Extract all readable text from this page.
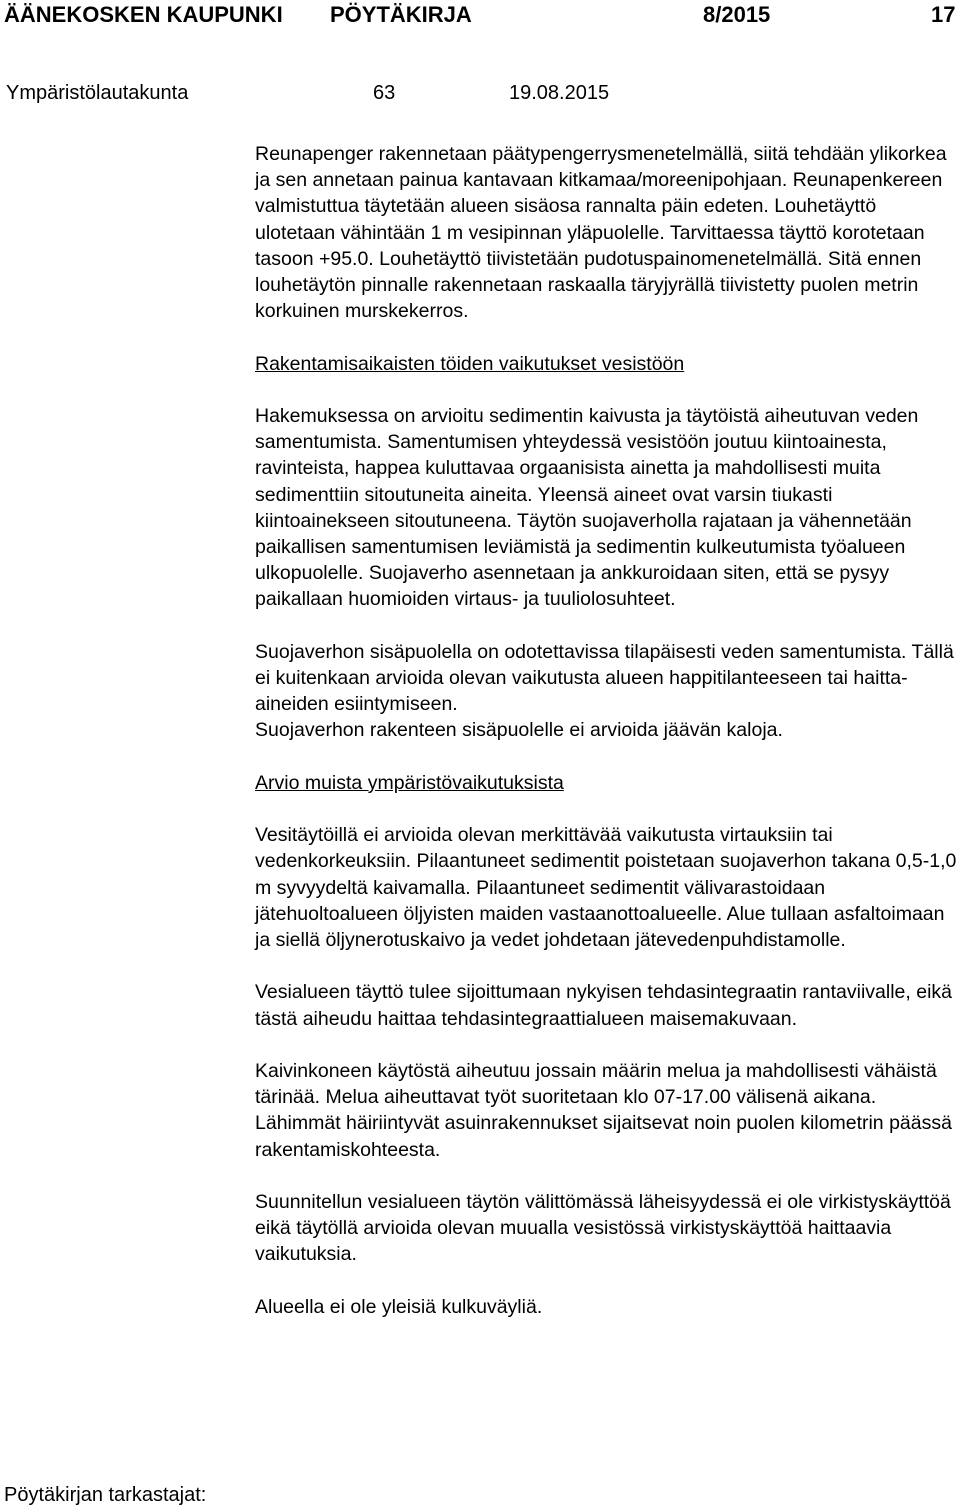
ÄÄNEKOSKEN KAUPUNKI PÖYTÄKIRJA	8/2015	17
Ympäristölautakunta	63	19.08.2015

Reunapenger rakennetaan päätypengerrysmenetelmällä, siitä tehdään ylikorkea ja sen annetaan painua kantavaan kitkamaa/moreenipohjaan. Reunapenkereen valmistuttua täytetään alueen sisäosa rannalta päin edeten. Louhetäyttö ulotetaan vähintään 1 m vesipinnan yläpuolelle. Tarvittaessa täyttö korotetaan tasoon +95.0. Louhetäyttö tiivistetään pudotuspainomenetelmällä. Sitä ennen louhetäytön pinnalle rakennetaan raskaalla täryjyrällä tiivistetty puolen metrin korkuinen murskekerros.

Rakentamisaikaisten töiden vaikutukset vesistöön

Hakemuksessa on arvioitu sedimentin kaivusta ja täytöistä aiheutuvan veden samentumista. Samentumisen yhteydessä vesistöön joutuu kiintoainesta, ravinteista, happea kuluttavaa orgaanisista ainetta ja mahdollisesti muita sedimenttiin sitoutuneita aineita. Yleensä aineet ovat varsin tiukasti kiintoainekseen sitoutuneena. Täytön suojaverholla rajataan ja vähennetään paikallisen samentumisen leviämistä ja sedimentin kulkeutumista työalueen ulkopuolelle. Suojaverho asennetaan ja ankkuroidaan siten, että se pysyy paikallaan huomioiden virtaus- ja tuuliolosuhteet.

Suojaverhon sisäpuolella on odotettavissa tilapäisesti veden samentumista. Tällä ei kuitenkaan arvioida olevan vaikutusta alueen happitilanteeseen tai haitta-aineiden esiintymiseen.

Suojaverhon rakenteen sisäpuolelle ei arvioida jäävän kaloja.

Arvio muista ympäristövaikutuksista

Vesitäytöillä ei arvioida olevan merkittävää vaikutusta virtauksiin tai vedenkorkeuksiin. Pilaantuneet sedimentit poistetaan suojaverhon takana 0,5-1,0 m syvyydeltä kaivamalla. Pilaantuneet sedimentit välivarastoidaan jätehuoltoalueen öljyisten maiden vastaanottoalueelle. Alue tullaan asfaltoimaan ja siellä öljynerotuskaivo ja vedet johdetaan jätevedenpuhdistamolle.

Vesialueen täyttö tulee sijoittumaan nykyisen tehdasintegraatin rantaviivalle, eikä tästä aiheudu haittaa tehdasintegraattialueen maisemakuvaan.

Kaivinkoneen käytöstä aiheutuu jossain määrin melua ja mahdollisesti vähäistä tärinää. Melua aiheuttavat työt suoritetaan klo 07-17.00 välisenä aikana. Lähimmät häiriintyvät asuinrakennukset sijaitsevat noin puolen kilometrin päässä rakentamiskohteesta.

Suunnitellun vesialueen täytön välittömässä läheisyydessä ei ole virkistyskäyttöä eikä täytöllä arvioida olevan muualla vesistössä virkistyskäyttöä haittaavia vaikutuksia.

Alueella ei ole yleisiä kulkuväyliä.

Pöytäkirjan tarkastajat:
